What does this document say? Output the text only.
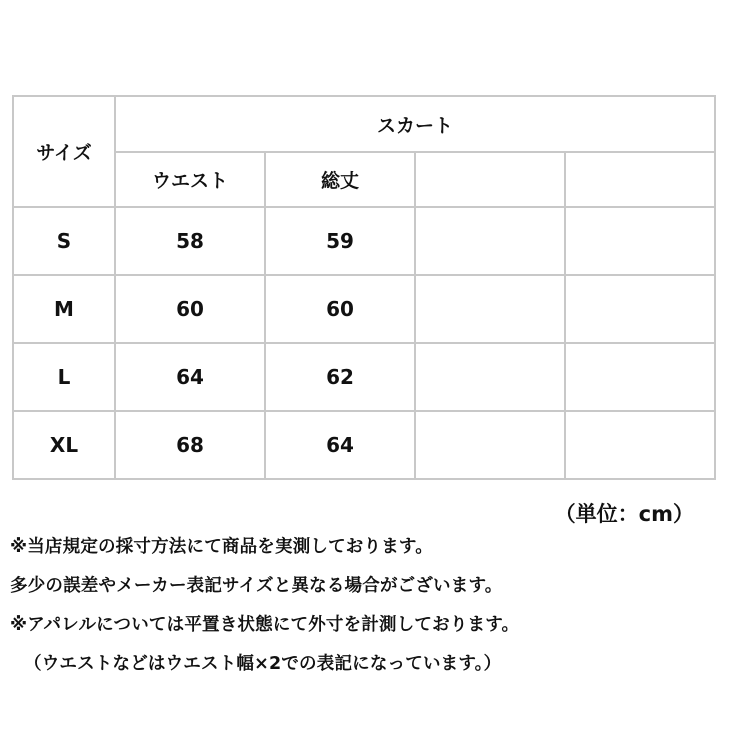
サイズ	スカート			
	ウエスト	総丈		
S	58	59		
M	60	60		
L	64	62		
XL	68	64		
（単位：cm）
※当店規定の採寸方法にて商品を実測しております。
多少の誤差やメーカー表記サイズと異なる場合がございます。
※アパレルについては平置き状態にて外寸を計測しております。
（ウエストなどはウエスト幅×2での表記になっています。）
